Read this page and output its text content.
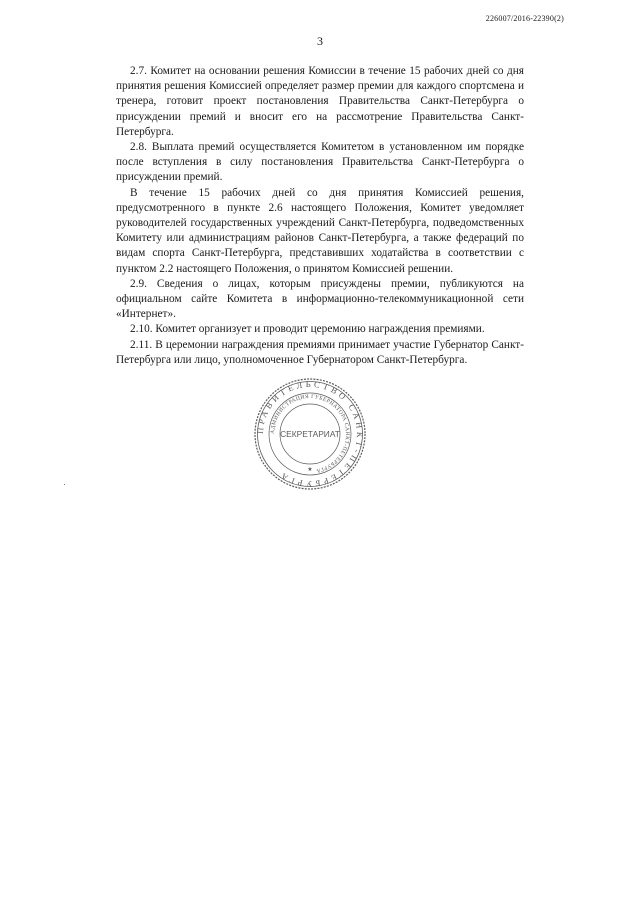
226007/2016-22390(2)
3

2.7. Комитет на основании решения Комиссии в течение 15 рабочих дней со дня принятия решения Комиссией определяет размер премии для каждого спортсмена и тренера, готовит проект постановления Правительства Санкт-Петербурга о присуждении премий и вносит его на рассмотрение Правительства Санкт-Петербурга.

2.8. Выплата премий осуществляется Комитетом в установленном им порядке после вступления в силу постановления Правительства Санкт-Петербурга о присуждении премий.

В течение 15 рабочих дней со дня принятия Комиссией решения, предусмотренного в пункте 2.6 настоящего Положения, Комитет уведомляет руководителей государственных учреждений Санкт-Петербурга, подведомственных Комитету или администрациям районов Санкт-Петербурга, а также федераций по видам спорта Санкт-Петербурга, представивших ходатайства в соответствии с пунктом 2.2 настоящего Положения, о принятом Комиссией решении.

2.9. Сведения о лицах, которым присуждены премии, публикуются на официальном сайте Комитета в информационно-телекоммуникационной сети «Интернет».

2.10. Комитет организует и проводит церемонию награждения премиями.

2.11. В церемонии награждения премиями принимает участие Губернатор Санкт-Петербурга или лицо, уполномоченное Губернатором Санкт-Петербурга.

ПРАВИТЕЛЬСТВО САНКТ-ПЕТЕРБУРГА
АДМИНИСТРАЦИЯ ГУБЕРНАТОРА САНКТ-ПЕТЕРБУРГА
СЕКРЕТАРИАТ
★
